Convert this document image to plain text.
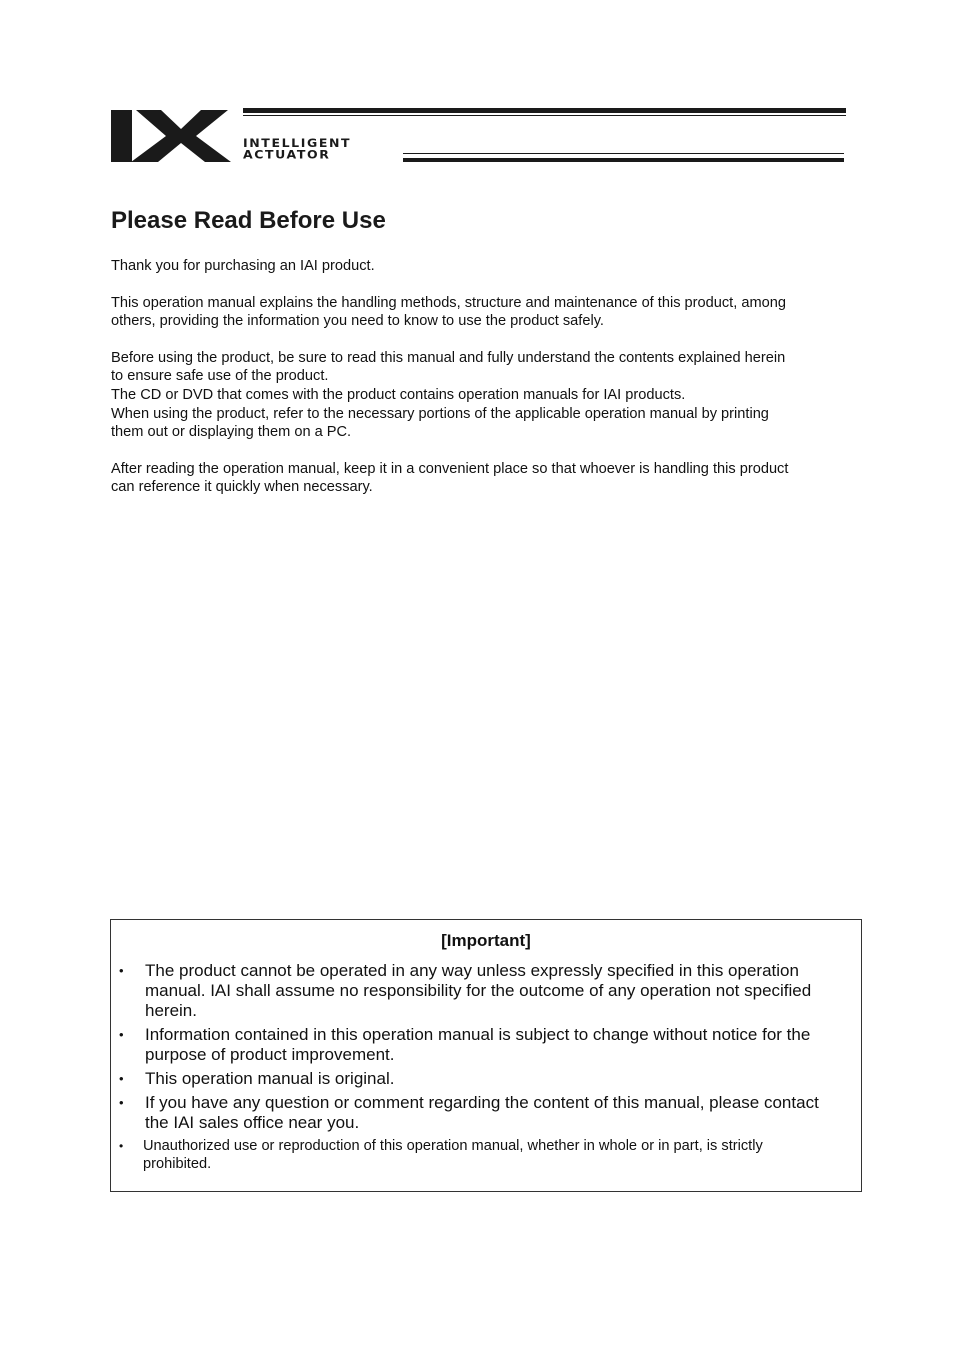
INTELLIGENT
ACTUATOR
Please Read Before Use

Thank you for purchasing an IAI product.

This operation manual explains the handling methods, structure and maintenance of this product, among
others, providing the information you need to know to use the product safely.

Before using the product, be sure to read this manual and fully understand the contents explained herein
to ensure safe use of the product.
The CD or DVD that comes with the product contains operation manuals for IAI products.
When using the product, refer to the necessary portions of the applicable operation manual by printing
them out or displaying them on a PC.

After reading the operation manual, keep it in a convenient place so that whoever is handling this product
can reference it quickly when necessary.

[Important]
• The product cannot be operated in any way unless expressly specified in this operation
manual. IAI shall assume no responsibility for the outcome of any operation not specified
herein.
• Information contained in this operation manual is subject to change without notice for the
purpose of product improvement.
• This operation manual is original.
• If you have any question or comment regarding the content of this manual, please contact
the IAI sales office near you.
• Unauthorized use or reproduction of this operation manual, whether in whole or in part, is strictly
prohibited.
